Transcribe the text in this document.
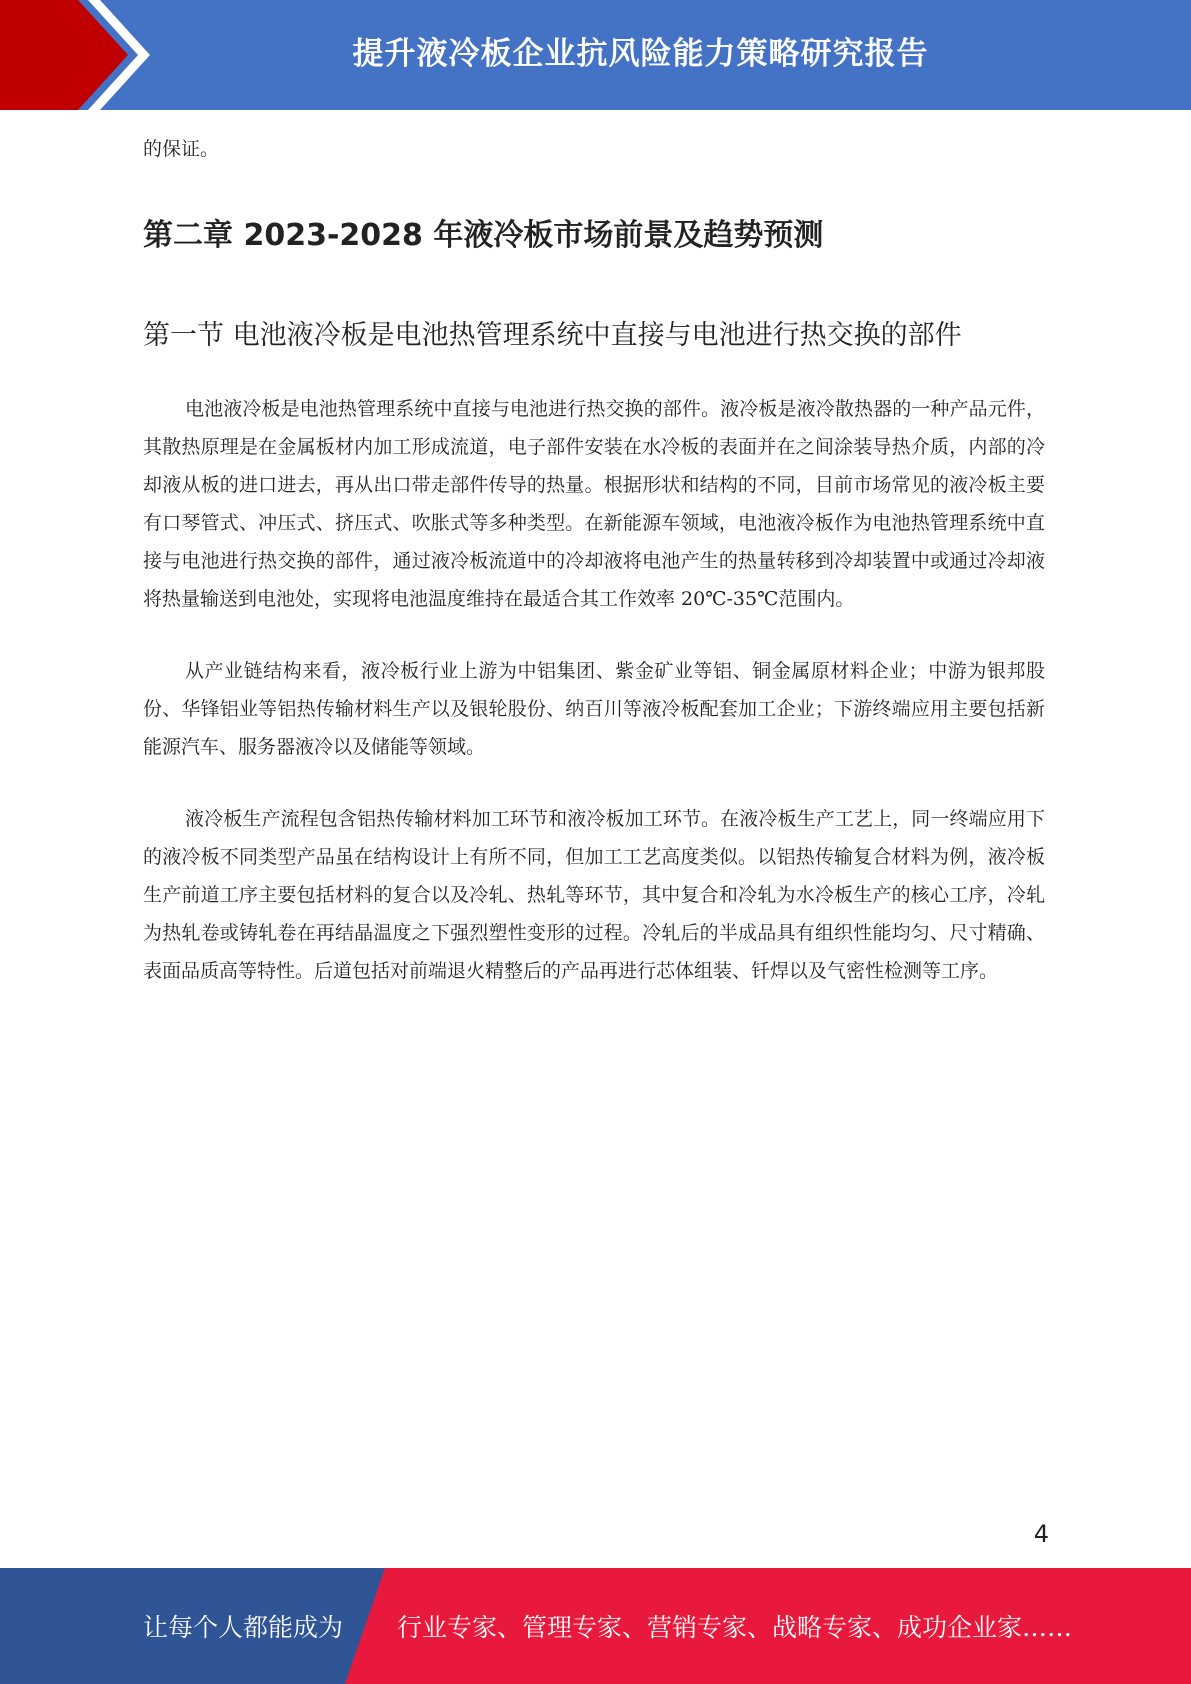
提升液冷板企业抗风险能力策略研究报告

的保证。

第二章 2023-2028 年液冷板市场前景及趋势预测
第一节 电池液冷板是电池热管理系统中直接与电池进行热交换的部件

电池液冷板是电池热管理系统中直接与电池进行热交换的部件。液冷板是液冷散热器的一种产品元件，其散热原理是在金属板材内加工形成流道，电子部件安装在水冷板的表面并在之间涂装导热介质，内部的冷却液从板的进口进去，再从出口带走部件传导的热量。根据形状和结构的不同，目前市场常见的液冷板主要有口琴管式、冲压式、挤压式、吹胀式等多种类型。在新能源车领域，电池液冷板作为电池热管理系统中直接与电池进行热交换的部件，通过液冷板流道中的冷却液将电池产生的热量转移到冷却装置中或通过冷却液将热量输送到电池处，实现将电池温度维持在最适合其工作效率 20℃-35℃范围内。

从产业链结构来看，液冷板行业上游为中铝集团、紫金矿业等铝、铜金属原材料企业；中游为银邦股份、华锋铝业等铝热传输材料生产以及银轮股份、纳百川等液冷板配套加工企业；下游终端应用主要包括新能源汽车、服务器液冷以及储能等领域。

液冷板生产流程包含铝热传输材料加工环节和液冷板加工环节。在液冷板生产工艺上，同一终端应用下的液冷板不同类型产品虽在结构设计上有所不同，但加工工艺高度类似。以铝热传输复合材料为例，液冷板生产前道工序主要包括材料的复合以及冷轧、热轧等环节，其中复合和冷轧为水冷板生产的核心工序，冷轧为热轧卷或铸轧卷在再结晶温度之下强烈塑性变形的过程。冷轧后的半成品具有组织性能均匀、尺寸精确、表面品质高等特性。后道包括对前端退火精整后的产品再进行芯体组装、钎焊以及气密性检测等工序。

4
让每个人都能成为 行业专家、管理专家、营销专家、战略专家、成功企业家……
